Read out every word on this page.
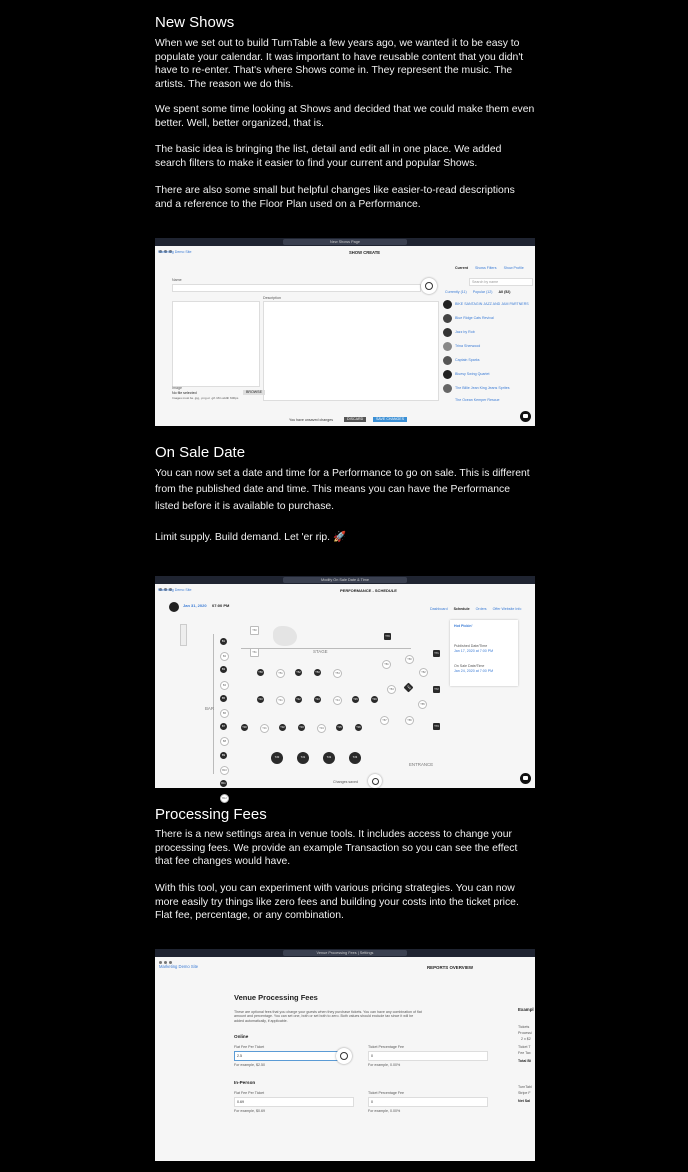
New Shows

When we set out to build TurnTable a few years ago, we wanted it to be easy to populate your calendar. It was important to have reusable content that you didn't have to re-enter. That's where Shows come in. They represent the music. The artists. The reason we do this.

We spent some time looking at Shows and decided that we could make them even better. Well, better organized, that is.

The basic idea is bringing the list, detail and edit all in one place. We added search filters to make it easier to find your current and popular Shows.

There are also some small but helpful changes like easier-to-read descriptions and a reference to the Floor Plan used on a Performance.

New Shows Page
Marketing Demo Site	SHOW CREATE
Current Shows Filters Show Profile
Name	Search by name
Currently (11) Popular (12) All (52)
Description
Image
No file selected	BROWSE
Images must be .jpg, .png or .gif. Min width 600px.
BIKE SANTAGIN JAZZ AND JAM PARTNERS
Blue Ridge Cats Revival
Jazz by Rob
Trina Sherwood
Captain Sparks
Bluesy Swing Quartet
The Billie Jean King Jeans Sprites
The Ocean Kemper Rescue
You have unsaved changes	DISCARD	SAVE CHANGES
On Sale Date

You can now set a date and time for a Performance to go on sale. This is different from the published date and time. This means you can have the Performance listed before it is available to purchase.

Limit supply. Build demand. Let 'er rip. 🚀

Modify On Sale Date & Time
Marketing Demo Site	PERFORMANCE - SCHEDULE
Jan 31, 2020 07:00 PM
Dashboard Schedule Orders Offer Website Info
Hot Pickin'
Published Date/Time
Jan 17, 2020 at 7:00 PM
On Sale Date/Time
Jan 24, 2020 at 7:00 PM
STAGE
BAR
ENTRANCE
T50	T51	T52	T53	T54
T40	T41	T42	T43	T44	T45	T46
T30	T31	T32	T33	T34	T35	T36
T20	T21	T22	T23
B1
B2
B3
B4
B5
B6
B7
B8
B9
B10
B11
B12
T60
T61
T70
T71
T72
T73
T80
T81
T82
T83
T84
T85
T86
T87
Changes saved
Processing Fees

There is a new settings area in venue tools. It includes access to change your processing fees. We provide an example Transaction so you can see the effect that fee changes would have.

With this tool, you can experiment with various pricing strategies. You can now more easily try things like zero fees and building your costs into the ticket price. Flat fee, percentage, or any combination.

Venue Processing Fees | Settings
Marketing Demo Site	REPORTS OVERVIEW
Venue Processing Fees
These are optional fees that you charge your guests when they purchase tickets. You can have any combination of flat amount and percentage. You can set one, both or set both to zero. Both values should exclude tax since it will be added automatically, if applicable.
Online
Flat Fee Per Ticket	Ticket Percentage Fee
2.5	0
For example, $2.50	For example, 0.00%
In-Person
Flat Fee Per Ticket	Ticket Percentage Fee
0.69	0
For example, $0.69	For example, 0.00%
Exampl
Tickets
Processi
2 x $2
Ticket T
Fee Tax
Total Bi
TurnTabl
Stripe F
Net Sal
